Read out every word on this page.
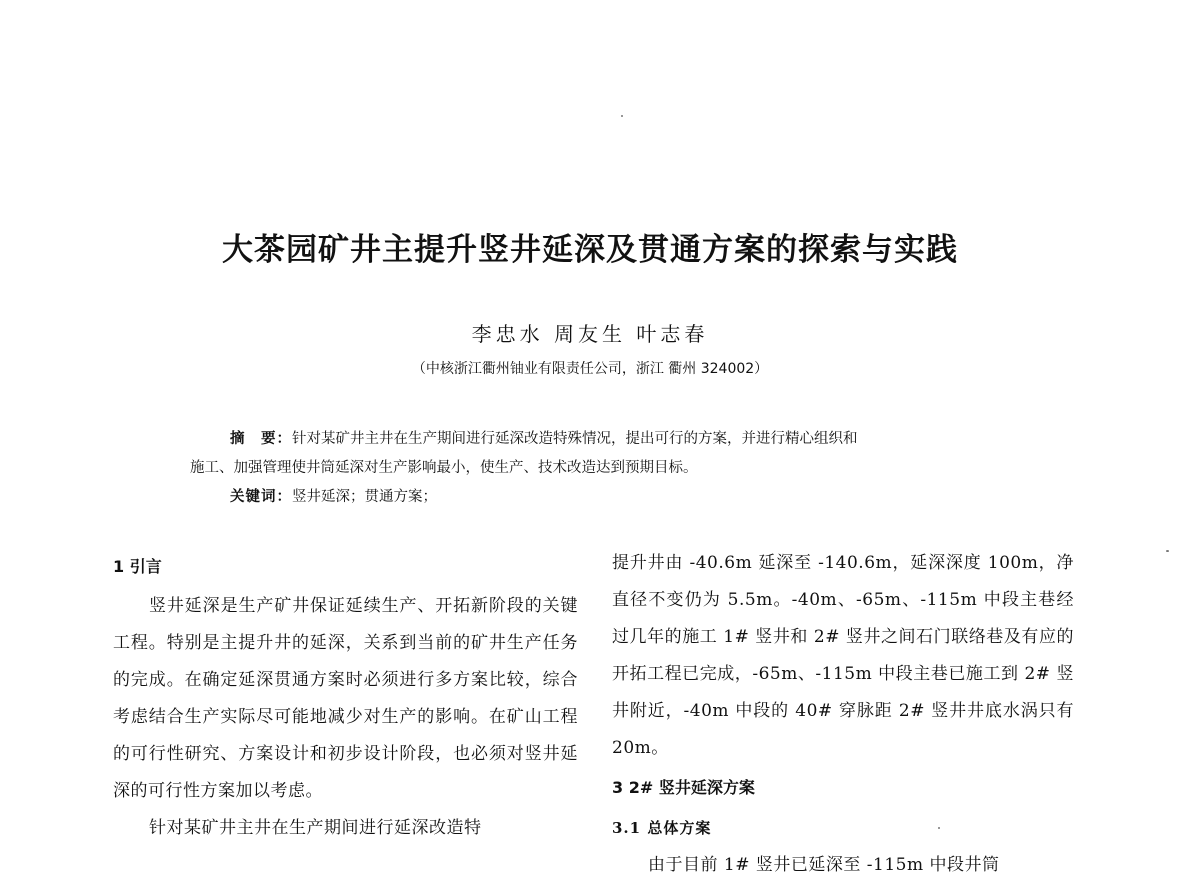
大茶园矿井主提升竖井延深及贯通方案的探索与实践
李忠水 周友生 叶志春
（中核浙江衢州铀业有限责任公司，浙江 衢州 324002）

摘　要：针对某矿井主井在生产期间进行延深改造特殊情况，提出可行的方案，并进行精心组织和

施工、加强管理使井筒延深对生产影响最小，使生产、技术改造达到预期目标。

关键词：竖井延深；贯通方案；

1 引言

竖井延深是生产矿井保证延续生产、开拓新阶段的关键工程。特别是主提升井的延深，关系到当前的矿井生产任务的完成。在确定延深贯通方案时必须进行多方案比较，综合考虑结合生产实际尽可能地减少对生产的影响。在矿山工程的可行性研究、方案设计和初步设计阶段，也必须对竖井延深的可行性方案加以考虑。

针对某矿井主井在生产期间进行延深改造特

提升井由 -40.6m 延深至 -140.6m，延深深度 100m，净直径不变仍为 5.5m。-40m、-65m、-115m 中段主巷经过几年的施工 1# 竖井和 2# 竖井之间石门联络巷及有应的开拓工程已完成，-65m、-115m 中段主巷已施工到 2# 竖井附近，-40m 中段的 40# 穿脉距 2# 竖井井底水涡只有 20m。

3 2# 竖井延深方案
3.1 总体方案

由于目前 1# 竖井已延深至 -115m 中段井筒
